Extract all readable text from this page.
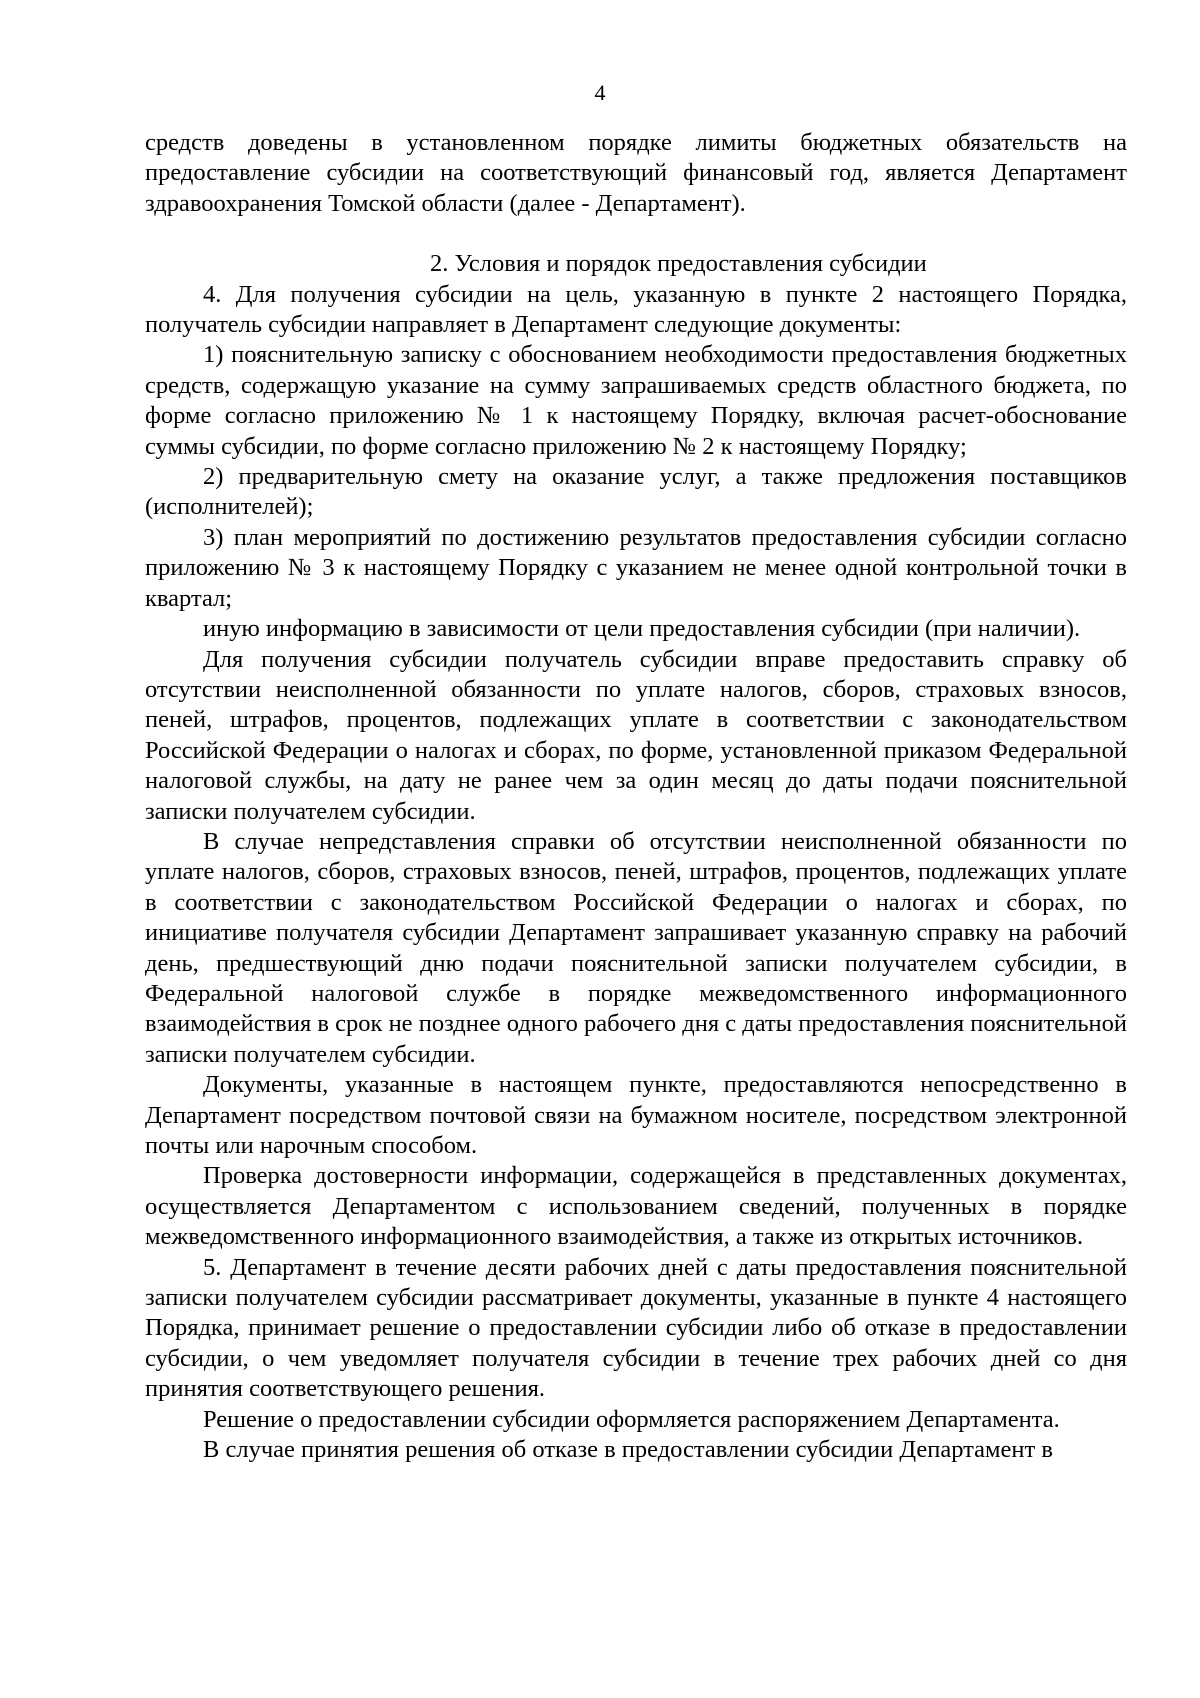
4

средств доведены в установленном порядке лимиты бюджетных обязательств на предоставление субсидии на соответствующий финансовый год, является Департамент здравоохранения Томской области (далее - Департамент).

2. Условия и порядок предоставления субсидии

4. Для получения субсидии на цель, указанную в пункте 2 настоящего Порядка, получатель субсидии направляет в Департамент следующие документы:

1) пояснительную записку с обоснованием необходимости предоставления бюджетных средств, содержащую указание на сумму запрашиваемых средств областного бюджета, по форме согласно приложению № 1 к настоящему Порядку, включая расчет-обоснование суммы субсидии, по форме согласно приложению № 2 к настоящему Порядку;

2) предварительную смету на оказание услуг, а также предложения поставщиков (исполнителей);

3) план мероприятий по достижению результатов предоставления субсидии согласно приложению № 3 к настоящему Порядку с указанием не менее одной контрольной точки в квартал;

иную информацию в зависимости от цели предоставления субсидии (при наличии).

Для получения субсидии получатель субсидии вправе предоставить справку об отсутствии неисполненной обязанности по уплате налогов, сборов, страховых взносов, пеней, штрафов, процентов, подлежащих уплате в соответствии с законодательством Российской Федерации о налогах и сборах, по форме, установленной приказом Федеральной налоговой службы, на дату не ранее чем за один месяц до даты подачи пояснительной записки получателем субсидии.

В случае непредставления справки об отсутствии неисполненной обязанности по уплате налогов, сборов, страховых взносов, пеней, штрафов, процентов, подлежащих уплате в соответствии с законодательством Российской Федерации о налогах и сборах, по инициативе получателя субсидии Департамент запрашивает указанную справку на рабочий день, предшествующий дню подачи пояснительной записки получателем субсидии, в Федеральной налоговой службе в порядке межведомственного информационного взаимодействия в срок не позднее одного рабочего дня с даты предоставления пояснительной записки получателем субсидии.

Документы, указанные в настоящем пункте, предоставляются непосредственно в Департамент посредством почтовой связи на бумажном носителе, посредством электронной почты или нарочным способом.

Проверка достоверности информации, содержащейся в представленных документах, осуществляется Департаментом с использованием сведений, полученных в порядке межведомственного информационного взаимодействия, а также из открытых источников.

5. Департамент в течение десяти рабочих дней с даты предоставления пояснительной записки получателем субсидии рассматривает документы, указанные в пункте 4 настоящего Порядка, принимает решение о предоставлении субсидии либо об отказе в предоставлении субсидии, о чем уведомляет получателя субсидии в течение трех рабочих дней со дня принятия соответствующего решения.

Решение о предоставлении субсидии оформляется распоряжением Департамента.

В случае принятия решения об отказе в предоставлении субсидии Департамент в
